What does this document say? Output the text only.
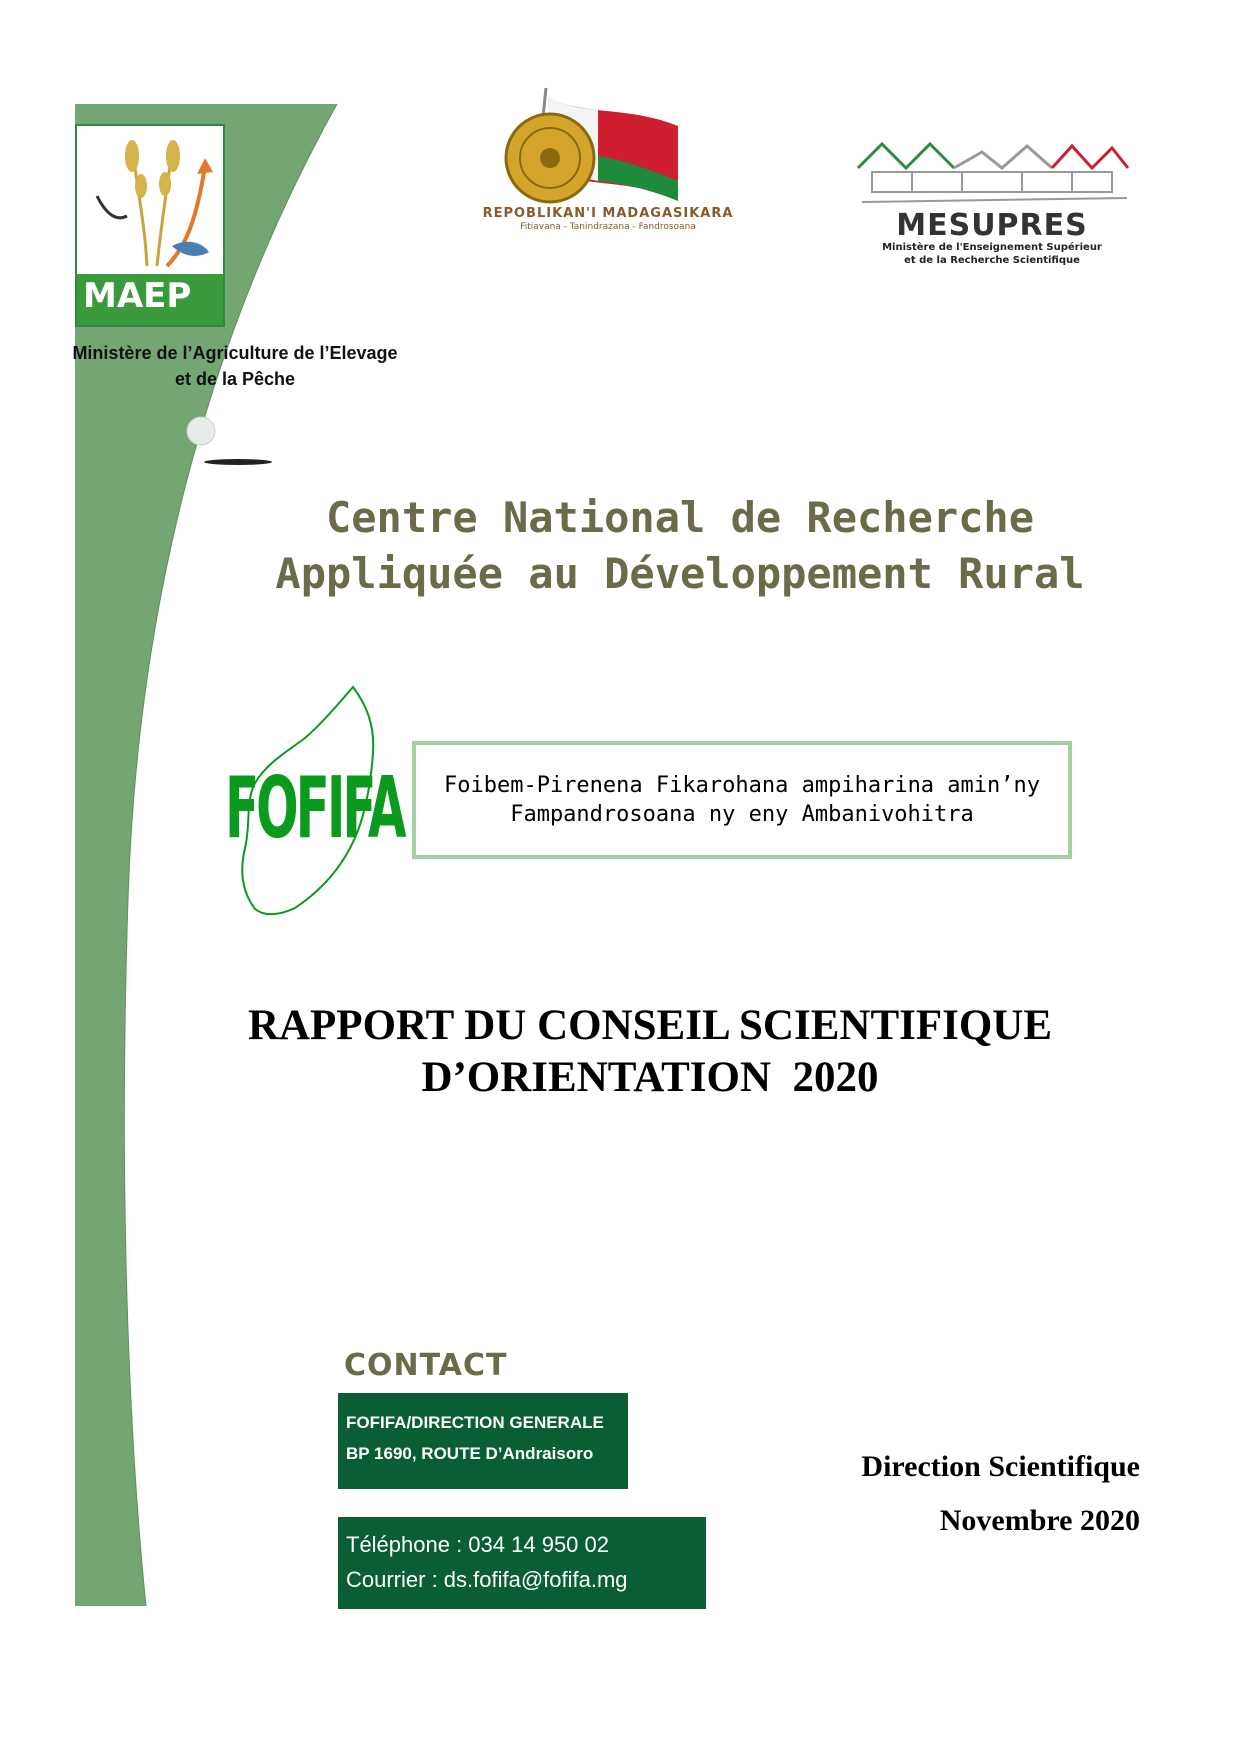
MAEP
Ministère de l’Agriculture de l’Elevage
et de la Pêche
REPOBLIKAN'I MADAGASIKARA
Fitiavana - Tanindrazana - Fandrosoana	MESUPRES
Ministère de l'Enseignement Supérieur
et de la Recherche Scientifique
Centre National de Recherche
Appliquée au Développement Rural
FOFIFA Foibem-Pirenena Fikarohana ampiharina amin’ny
Fampandrosoana ny eny Ambanivohitra
RAPPORT DU CONSEIL SCIENTIFIQUE
D’ORIENTATION  2020
CONTACT
FOFIFA/DIRECTION GENERALE
BP 1690, ROUTE D’Andraisoro
Téléphone : 034 14 950 02
Courrier : ds.fofifa@fofifa.mg
Direction Scientifique
Novembre 2020
